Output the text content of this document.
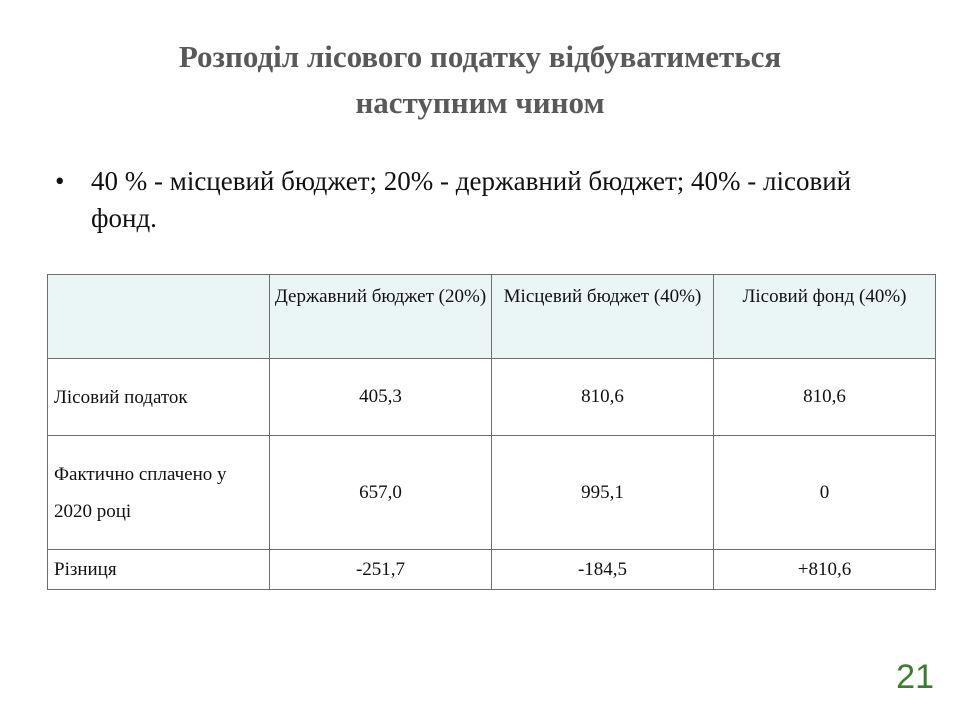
Розподіл лісового податку відбуватиметься
наступним чином
• 40 % - місцевий бюджет; 20% - державний бюджет; 40% - лісовий фонд.
	Державний бюджет (20%)	Місцевий бюджет (40%)	Лісовий фонд (40%)
Лісовий податок	405,3	810,6	810,6
Фактично сплачено у 2020 році	657,0	995,1	0
Різниця	-251,7	-184,5	+810,6
21
